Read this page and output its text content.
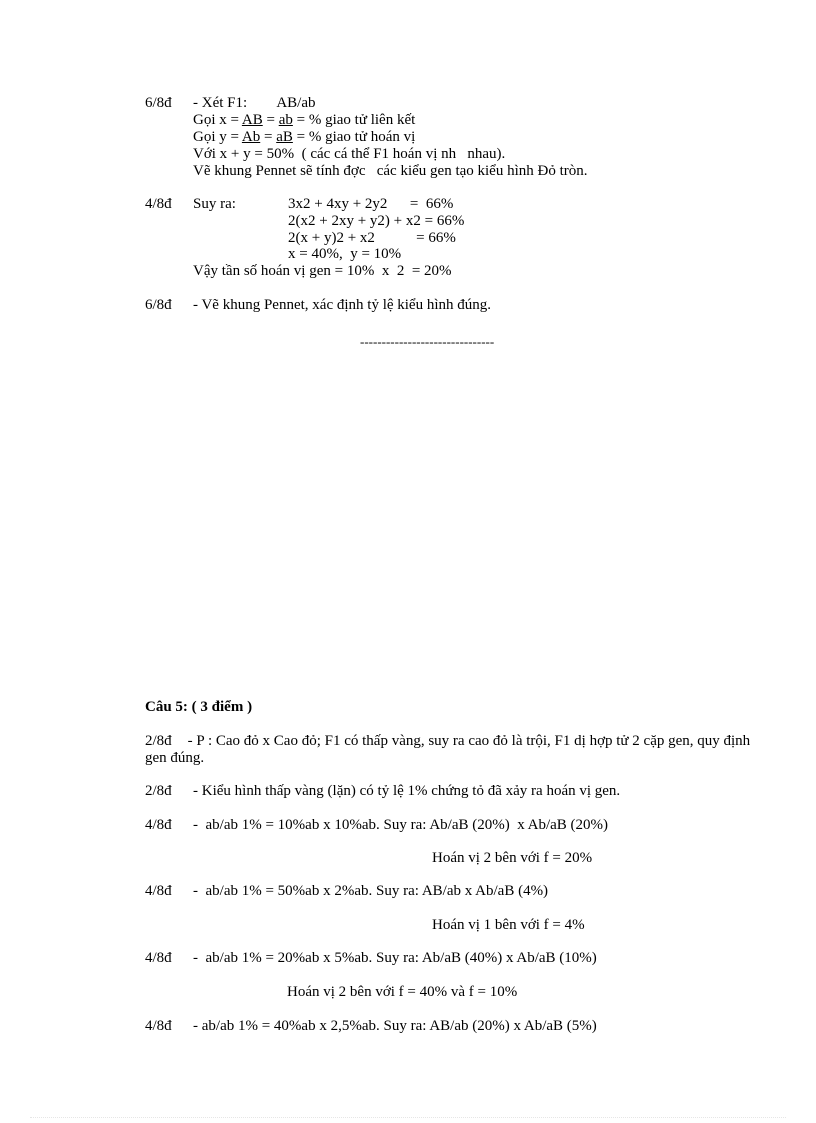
6/8đ - Xét F1:        AB/ab
Gọi x = AB = ab = % giao tử liên kết
Gọi y = Ab = aB = % giao tử hoán vị
Với x + y = 50%  ( các cá thể F1 hoán vị nh   nhau).
Vẽ khung Pennet sẽ tính đợc   các kiểu gen tạo kiểu hình Đỏ tròn.
4/8đ Suy ra:	3x2 + 4xy + 2y2      =  66%
2(x2 + 2xy + y2) + x2 = 66%
2(x + y)2 + x2           = 66%
x = 40%,  y = 10%
Vậy tần số hoán vị gen = 10%  x  2  = 20%
6/8đ - Vẽ khung Pennet, xác định tỷ lệ kiểu hình đúng.
-------------------------------
Câu 5: ( 3 điểm )
2/8đ - P : Cao đỏ x Cao đỏ; F1 có thấp vàng, suy ra cao đỏ là trội, F1 dị hợp tử 2 cặp gen, quy định gen đúng.
2/8đ - Kiểu hình thấp vàng (lặn) có tỷ lệ 1% chứng tỏ đã xảy ra hoán vị gen.
4/8đ -  ab/ab 1% = 10%ab x 10%ab. Suy ra: Ab/aB (20%)  x Ab/aB (20%)
Hoán vị 2 bên với f = 20%
4/8đ -  ab/ab 1% = 50%ab x 2%ab. Suy ra: AB/ab x Ab/aB (4%)
Hoán vị 1 bên với f = 4%
4/8đ -  ab/ab 1% = 20%ab x 5%ab. Suy ra: Ab/aB (40%) x Ab/aB (10%)
Hoán vị 2 bên với f = 40% và f = 10%
4/8đ - ab/ab 1% = 40%ab x 2,5%ab. Suy ra: AB/ab (20%) x Ab/aB (5%)
